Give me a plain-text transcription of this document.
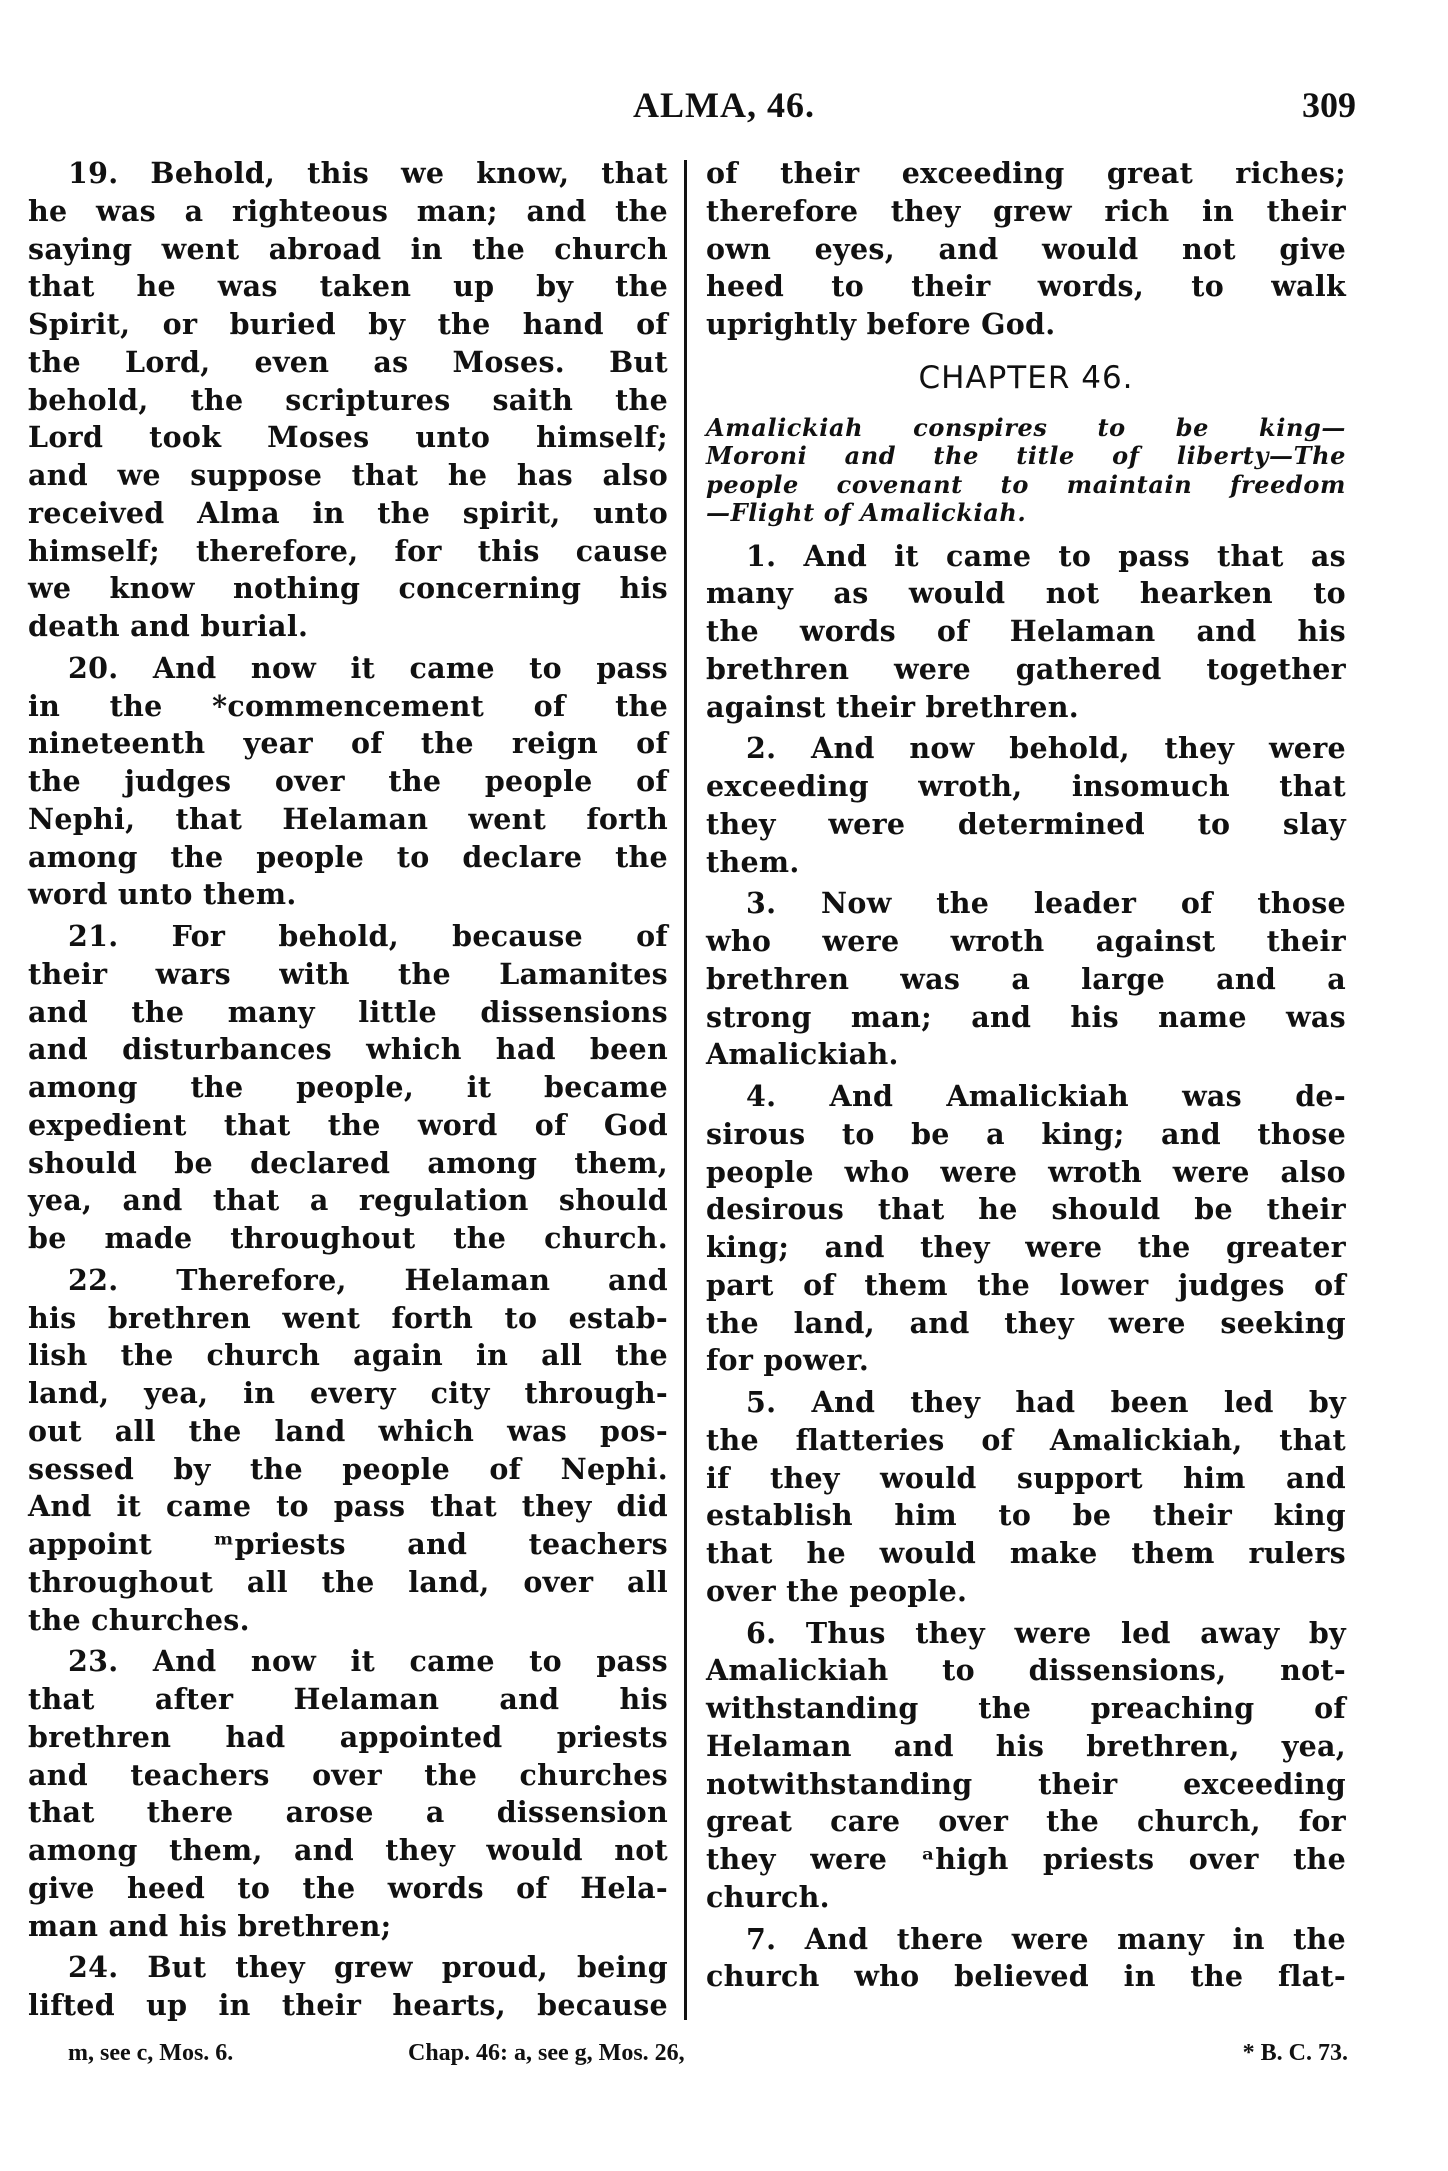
ALMA, 46.	309
19. Behold, this we know, that
he was a righteous man; and the
saying went abroad in the church
that he was taken up by the
Spirit, or buried by the hand of
the Lord, even as Moses. But
behold, the scriptures saith the
Lord took Moses unto himself;
and we suppose that he has also
received Alma in the spirit, unto
himself; therefore, for this cause
we know nothing concerning his
death and burial.
20. And now it came to pass
in the *commencement of the
nineteenth year of the reign of
the judges over the people of
Nephi, that Helaman went forth
among the people to declare the
word unto them.
21. For behold, because of
their wars with the Lamanites
and the many little dissensions
and disturbances which had been
among the people, it became
expedient that the word of God
should be declared among them,
yea, and that a regulation should
be made throughout the church.
22. Therefore, Helaman and
his brethren went forth to estab-
lish the church again in all the
land, yea, in every city through-
out all the land which was pos-
sessed by the people of Nephi.
And it came to pass that they did
appoint ᵐpriests and teachers
throughout all the land, over all
the churches.
23. And now it came to pass
that after Helaman and his
brethren had appointed priests
and teachers over the churches
that there arose a dissension
among them, and they would not
give heed to the words of Hela-
man and his brethren;
24. But they grew proud, being
lifted up in their hearts, because
of their exceeding great riches;
therefore they grew rich in their
own eyes, and would not give
heed to their words, to walk
uprightly before God.
CHAPTER 46.
Amalickiah conspires to be king—
Moroni and the title of liberty—The
people covenant to maintain freedom
—Flight of Amalickiah.
1. And it came to pass that as
many as would not hearken to
the words of Helaman and his
brethren were gathered together
against their brethren.
2. And now behold, they were
exceeding wroth, insomuch that
they were determined to slay
them.
3. Now the leader of those
who were wroth against their
brethren was a large and a
strong man; and his name was
Amalickiah.
4. And Amalickiah was de-
sirous to be a king; and those
people who were wroth were also
desirous that he should be their
king; and they were the greater
part of them the lower judges of
the land, and they were seeking
for power.
5. And they had been led by
the flatteries of Amalickiah, that
if they would support him and
establish him to be their king
that he would make them rulers
over the people.
6. Thus they were led away by
Amalickiah to dissensions, not-
withstanding the preaching of
Helaman and his brethren, yea,
notwithstanding their exceeding
great care over the church, for
they were ᵃhigh priests over the
church.
7. And there were many in the
church who believed in the flat-
m, see c, Mos. 6.	Chap. 46: a, see g, Mos. 26,	* B. C. 73.
